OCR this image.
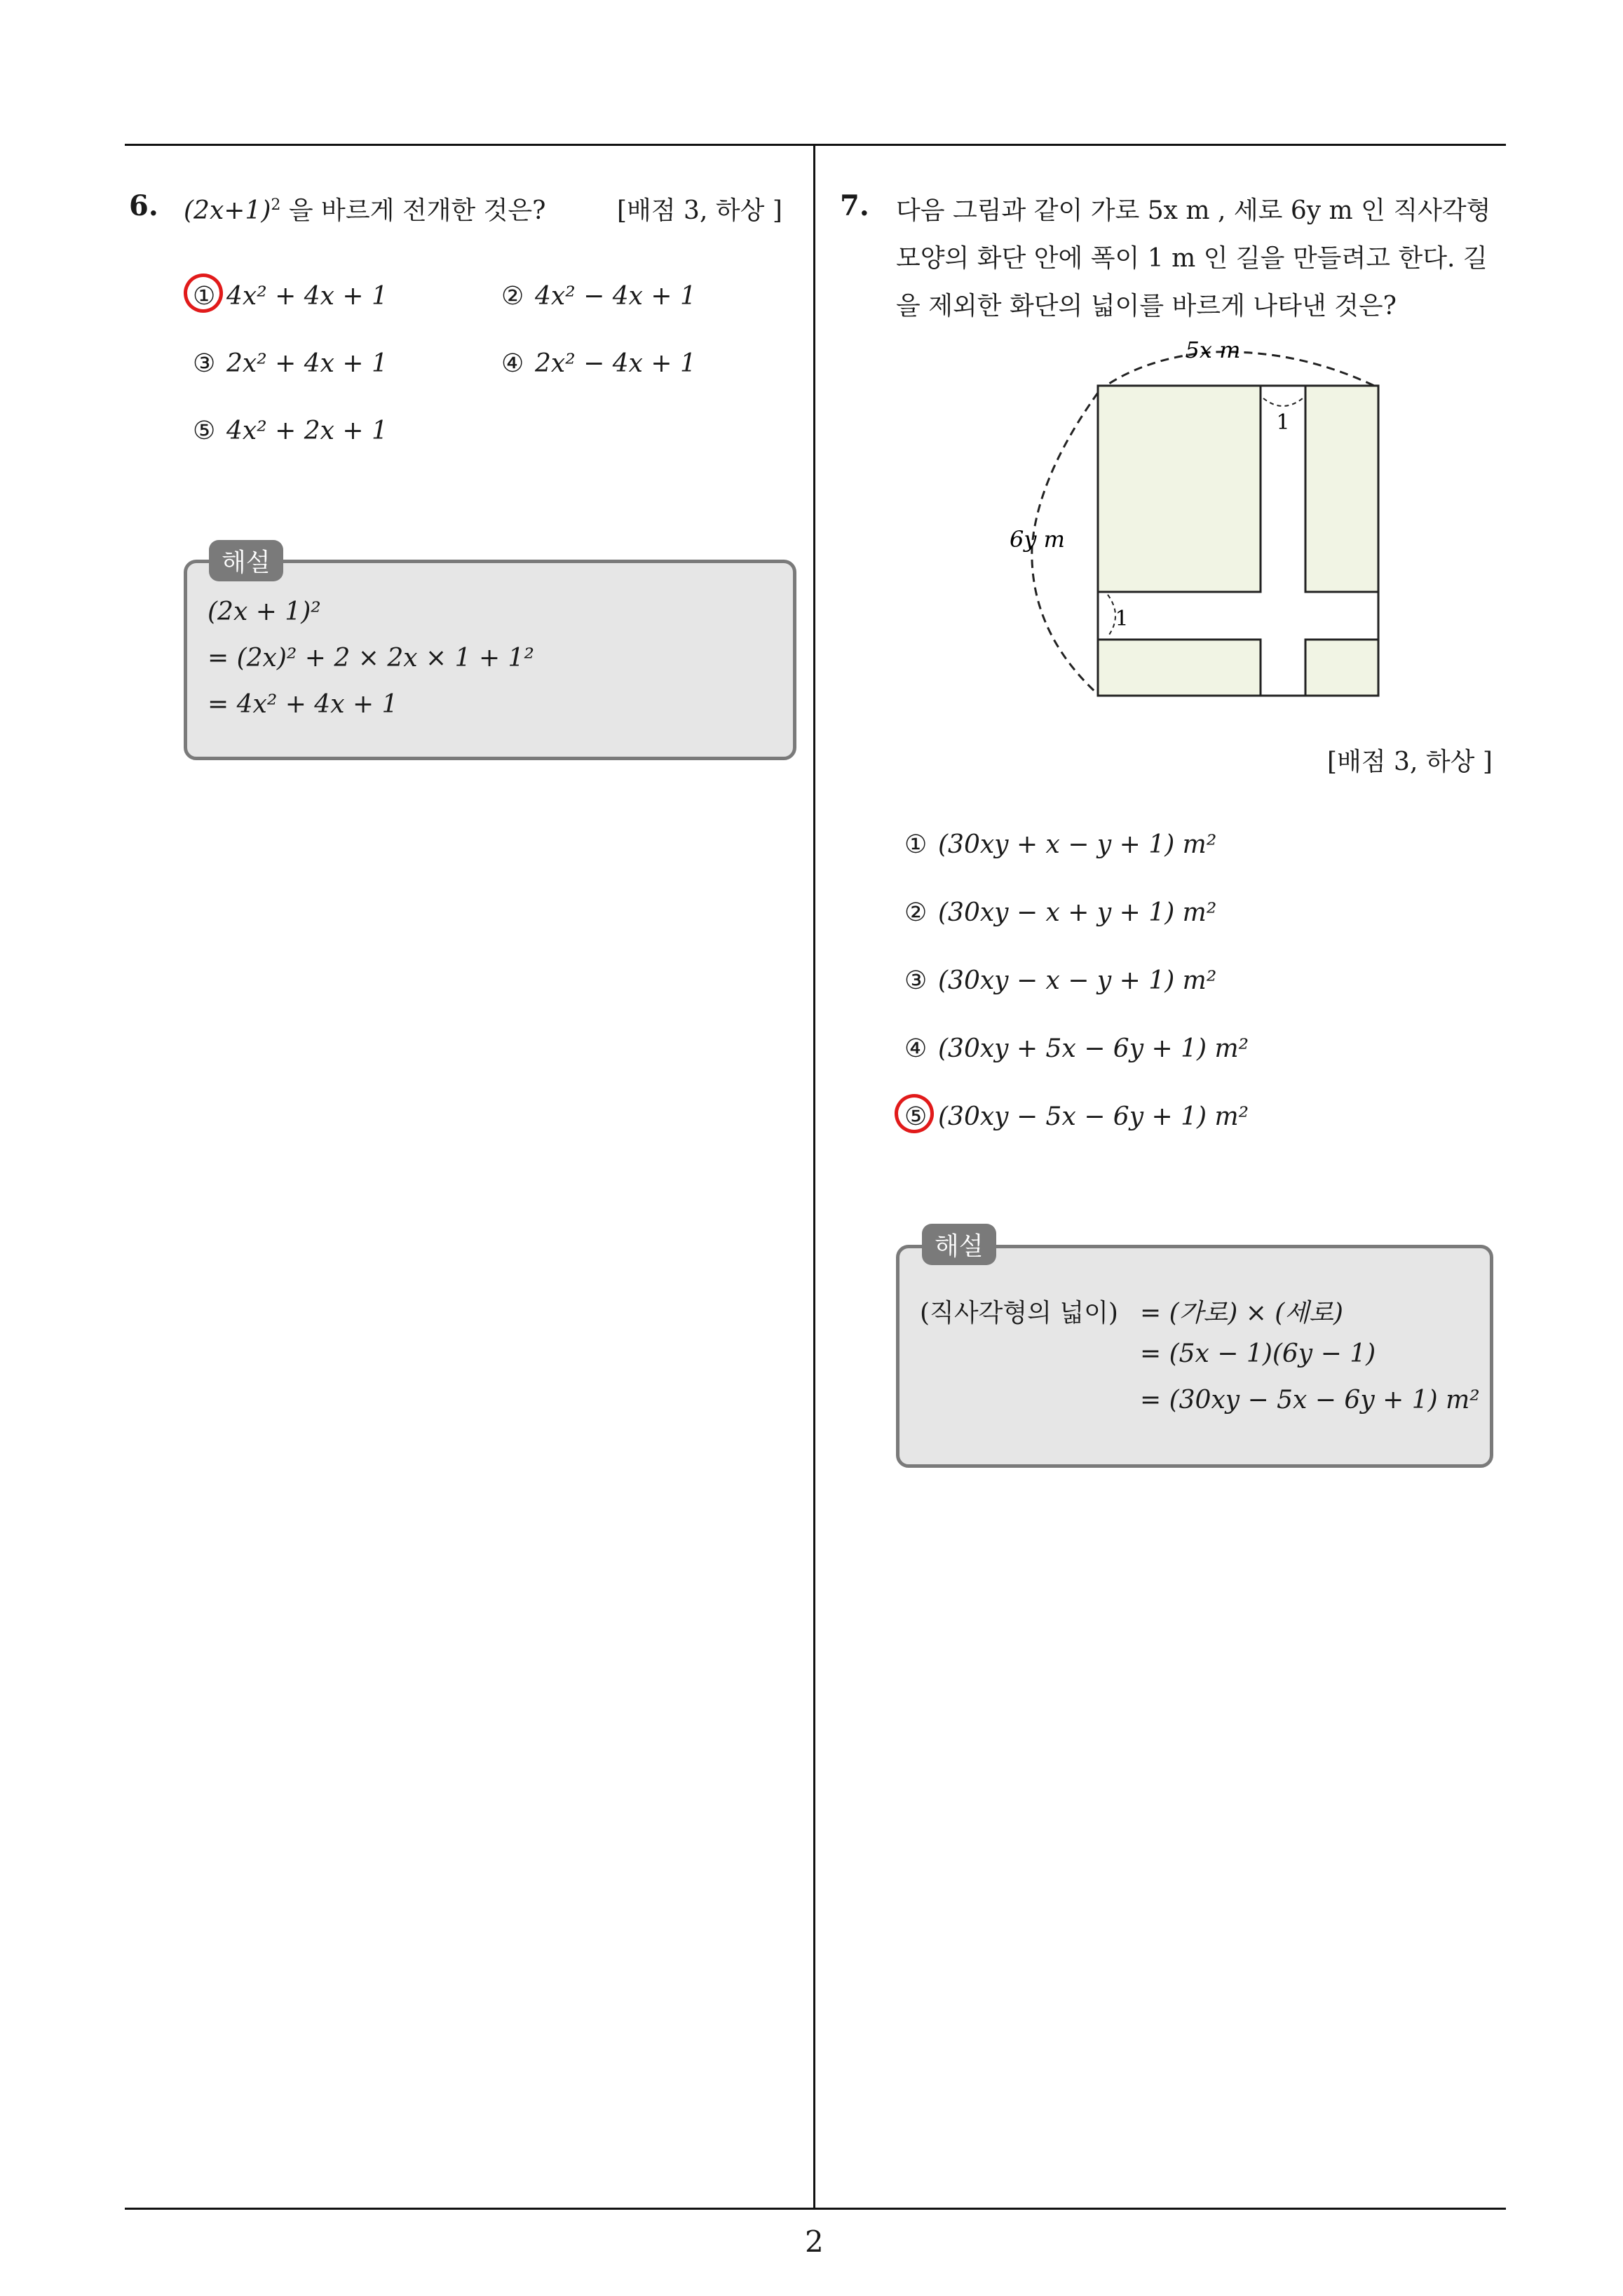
6. $(2x+1)^2$ 을 바르게 전개한 것은?	[배점 3, 하상 ]
① 4x² + 4x + 1	② 4x² − 4x + 1
③ 2x² + 4x + 1	④ 2x² − 4x + 1
⑤ 4x² + 2x + 1
해설
(2x + 1)²
= (2x)² + 2 × 2x × 1 + 1²
= 4x² + 4x + 1
7. 다음 그림과 같이 가로 5x m , 세로 6y m 인 직사각형
모양의 화단 안에 폭이 1 m 인 길을 만들려고 한다. 길
을 제외한 화단의 넓이를 바르게 나타낸 것은?
5x m
6y m
1
1
[배점 3, 하상 ]
① (30xy + x − y + 1) m²
② (30xy − x + y + 1) m²
③ (30xy − x − y + 1) m²
④ (30xy + 5x − 6y + 1) m²
⑤ (30xy − 5x − 6y + 1) m²
해설
(직사각형의 넓이) = (가로) × (세로)
= (5x − 1)(6y − 1)
= (30xy − 5x − 6y + 1) m²
2
